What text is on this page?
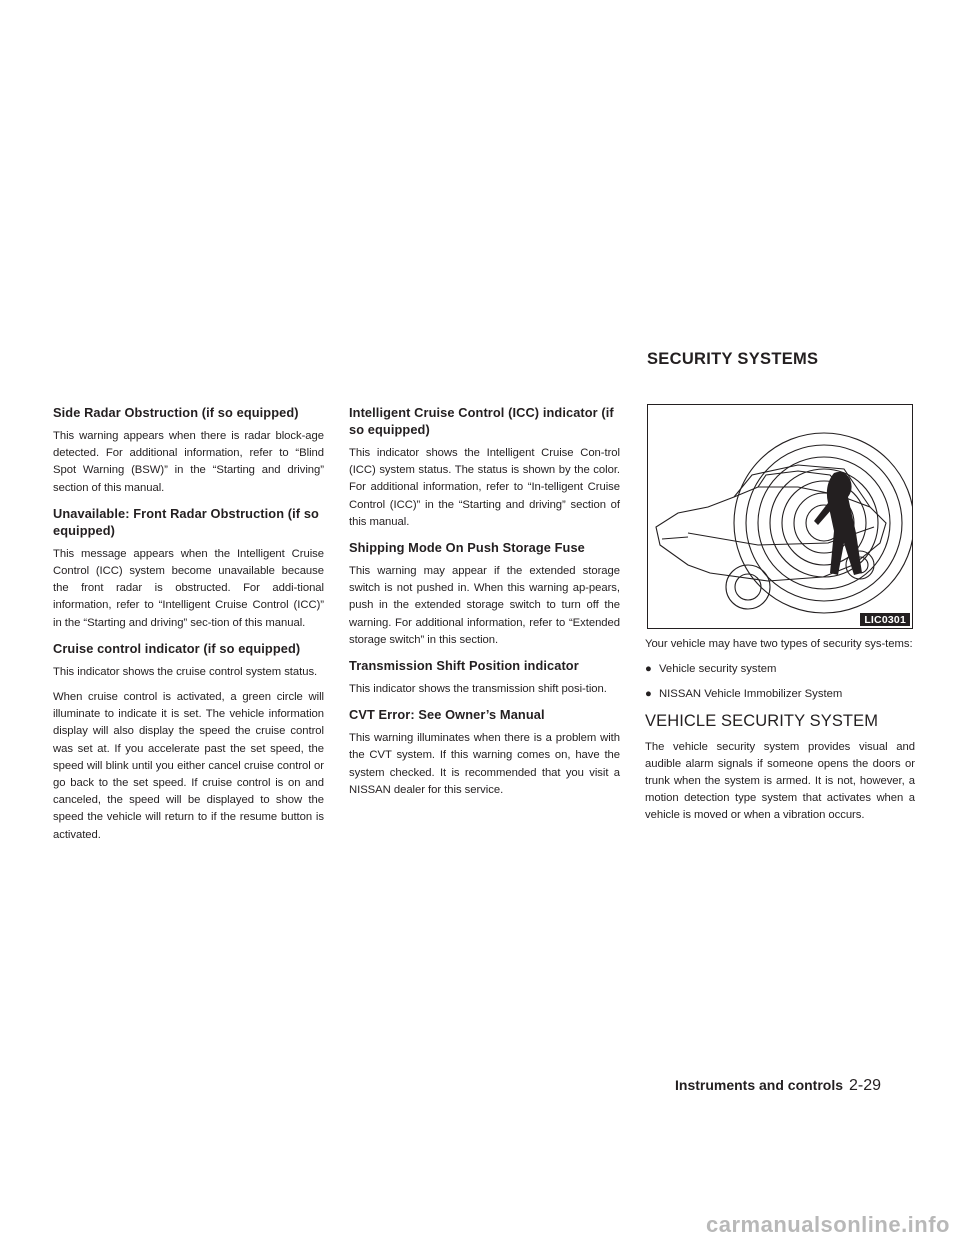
SECURITY SYSTEMS
Side Radar Obstruction (if so equipped)

This warning appears when there is radar block-age detected. For additional information, refer to “Blind Spot Warning (BSW)” in the “Starting and driving” section of this manual.

Unavailable: Front Radar Obstruction (if so equipped)

This message appears when the Intelligent Cruise Control (ICC) system become unavailable because the front radar is obstructed. For addi-tional information, refer to “Intelligent Cruise Control (ICC)” in the “Starting and driving” sec-tion of this manual.

Cruise control indicator (if so equipped)

This indicator shows the cruise control system status.

When cruise control is activated, a green circle will illuminate to indicate it is set. The vehicle information display will also display the speed the cruise control was set at. If you accelerate past the set speed, the speed will blink until you either cancel cruise control or go back to the set speed. If cruise control is on and canceled, the speed will be displayed to show the speed the vehicle will return to if the resume button is activated.

Intelligent Cruise Control (ICC) indicator (if so equipped)

This indicator shows the Intelligent Cruise Con-trol (ICC) system status. The status is shown by the color. For additional information, refer to “In-telligent Cruise Control (ICC)” in the “Starting and driving” section of this manual.

Shipping Mode On Push Storage Fuse

This warning may appear if the extended storage switch is not pushed in. When this warning ap-pears, push in the extended storage switch to turn off the warning. For additional information, refer to “Extended storage switch” in this section.

Transmission Shift Position indicator

This indicator shows the transmission shift posi-tion.

CVT Error: See Owner’s Manual

This warning illuminates when there is a problem with the CVT system. If this warning comes on, have the system checked. It is recommended that you visit a NISSAN dealer for this service.

LIC0301

Your vehicle may have two types of security sys-tems:

● Vehicle security system
● NISSAN Vehicle Immobilizer System
VEHICLE SECURITY SYSTEM

The vehicle security system provides visual and audible alarm signals if someone opens the doors or trunk when the system is armed. It is not, however, a motion detection type system that activates when a vehicle is moved or when a vibration occurs.

Instruments and controls 2-29
carmanualsonline.info
